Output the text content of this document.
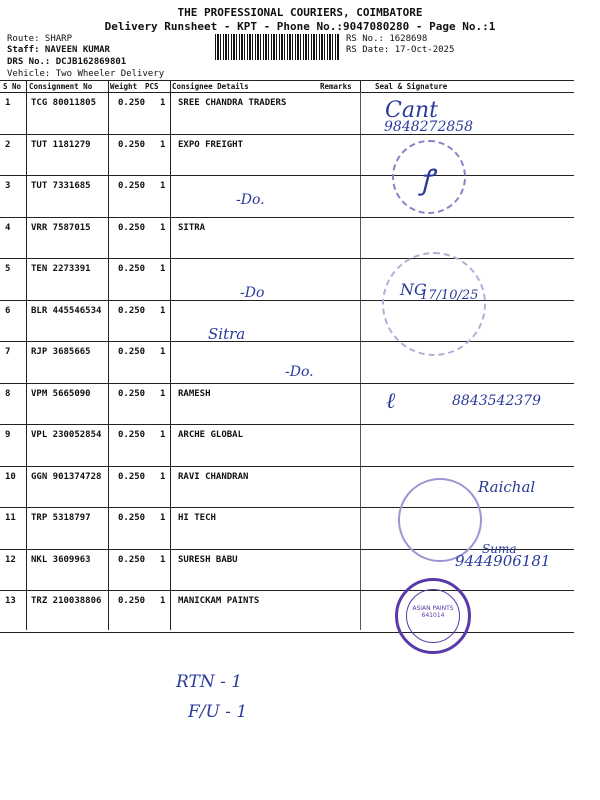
THE PROFESSIONAL COURIERS, COIMBATORE
Delivery Runsheet - KPT - Phone No.:9047080280 - Page No.:1
Route: SHARP
Staff: NAVEEN KUMAR
DRS No.: DCJB162869801
Vehicle: Two Wheeler Delivery
RS No.: 1628698
RS Date: 17-Oct-2025
S No Consignment No Weight PCS Consignee Details	Remarks	Seal & Signature
1 TCG 80011805 0.250 1 SREE CHANDRA TRADERS
2 TUT 1181279	0.250 1 EXPO FREIGHT
3 TUT 7331685	0.250 1
4 VRR 7587015	0.250 1 SITRA
5 TEN 2273391	0.250 1
6 BLR 445546534 0.250 1
7 RJP 3685665	0.250 1
8 VPM 5665090	0.250 1 RAMESH
9 VPL 230052854 0.250 1 ARCHE GLOBAL
10 GGN 901374728 0.250 1 RAVI CHANDRAN
11 TRP 5318797	0.250 1 HI TECH
12 NKL 3609963	0.250 1 SURESH BABU
13 TRZ 210038806 0.250 1 MANICKAM PAINTS
Cant
9848272858
ꝭ
-Do.
-Do
Sitra
NG
17/10/25
-Do.
ℓ	8843542379
Raichal
Suma
9444906181
ASIAN PAINTS 641014
RTN - 1
F/U - 1
